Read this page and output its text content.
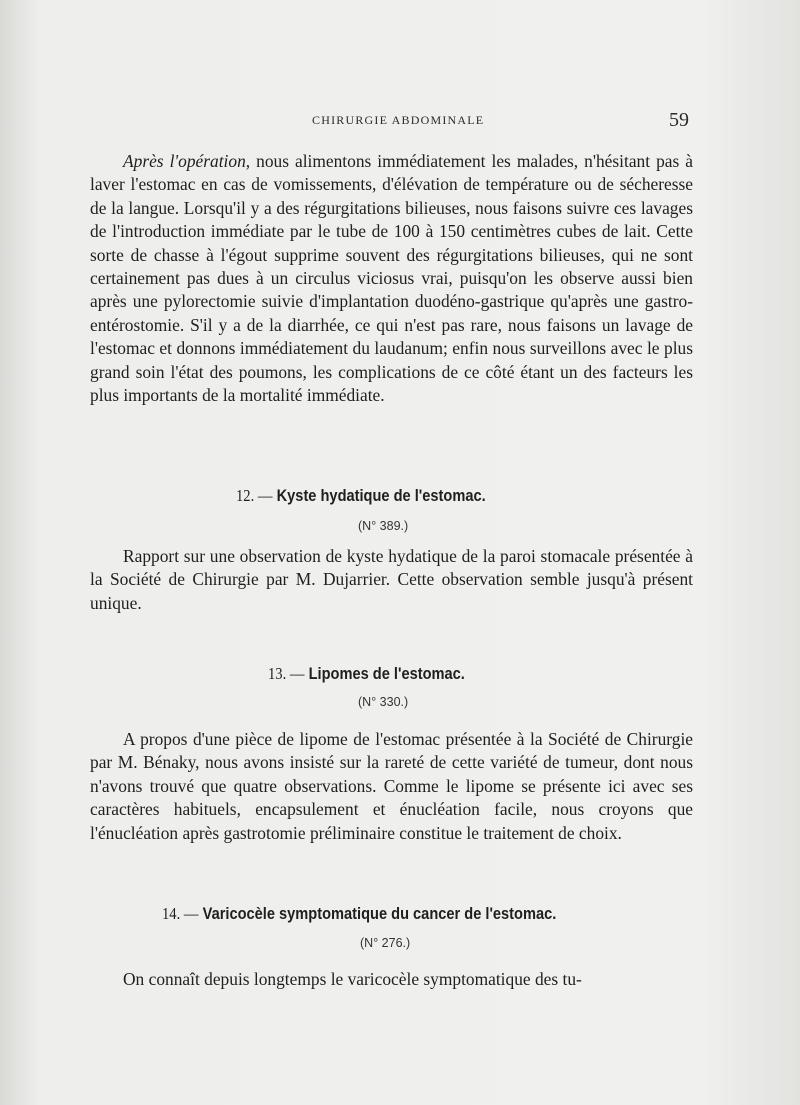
CHIRURGIE ABDOMINALE	59

Après l'opération, nous alimentons immédiatement les malades, n'hésitant pas à laver l'estomac en cas de vomissements, d'élévation de température ou de sécheresse de la langue. Lorsqu'il y a des régurgitations bilieuses, nous faisons suivre ces lavages de l'introduction immédiate par le tube de 100 à 150 centimètres cubes de lait. Cette sorte de chasse à l'égout supprime souvent des régurgitations bilieuses, qui ne sont certainement pas dues à un circulus viciosus vrai, puisqu'on les observe aussi bien après une pylorectomie suivie d'implantation duodéno-gastrique qu'après une gastro-entérostomie. S'il y a de la diarrhée, ce qui n'est pas rare, nous faisons un lavage de l'estomac et donnons immédiatement du laudanum; enfin nous surveillons avec le plus grand soin l'état des poumons, les complications de ce côté étant un des facteurs les plus importants de la mortalité immédiate.

12. — Kyste hydatique de l'estomac.
(N° 389.)

Rapport sur une observation de kyste hydatique de la paroi stomacale présentée à la Société de Chirurgie par M. Dujarrier. Cette observation semble jusqu'à présent unique.

13. — Lipomes de l'estomac.
(N° 330.)

A propos d'une pièce de lipome de l'estomac présentée à la Société de Chirurgie par M. Bénaky, nous avons insisté sur la rareté de cette variété de tumeur, dont nous n'avons trouvé que quatre observations. Comme le lipome se présente ici avec ses caractères habituels, encapsulement et énucléation facile, nous croyons que l'énucléation après gastrotomie préliminaire constitue le traitement de choix.

14. — Varicocèle symptomatique du cancer de l'estomac.
(N° 276.)

On connaît depuis longtemps le varicocèle symptomatique des tu-
